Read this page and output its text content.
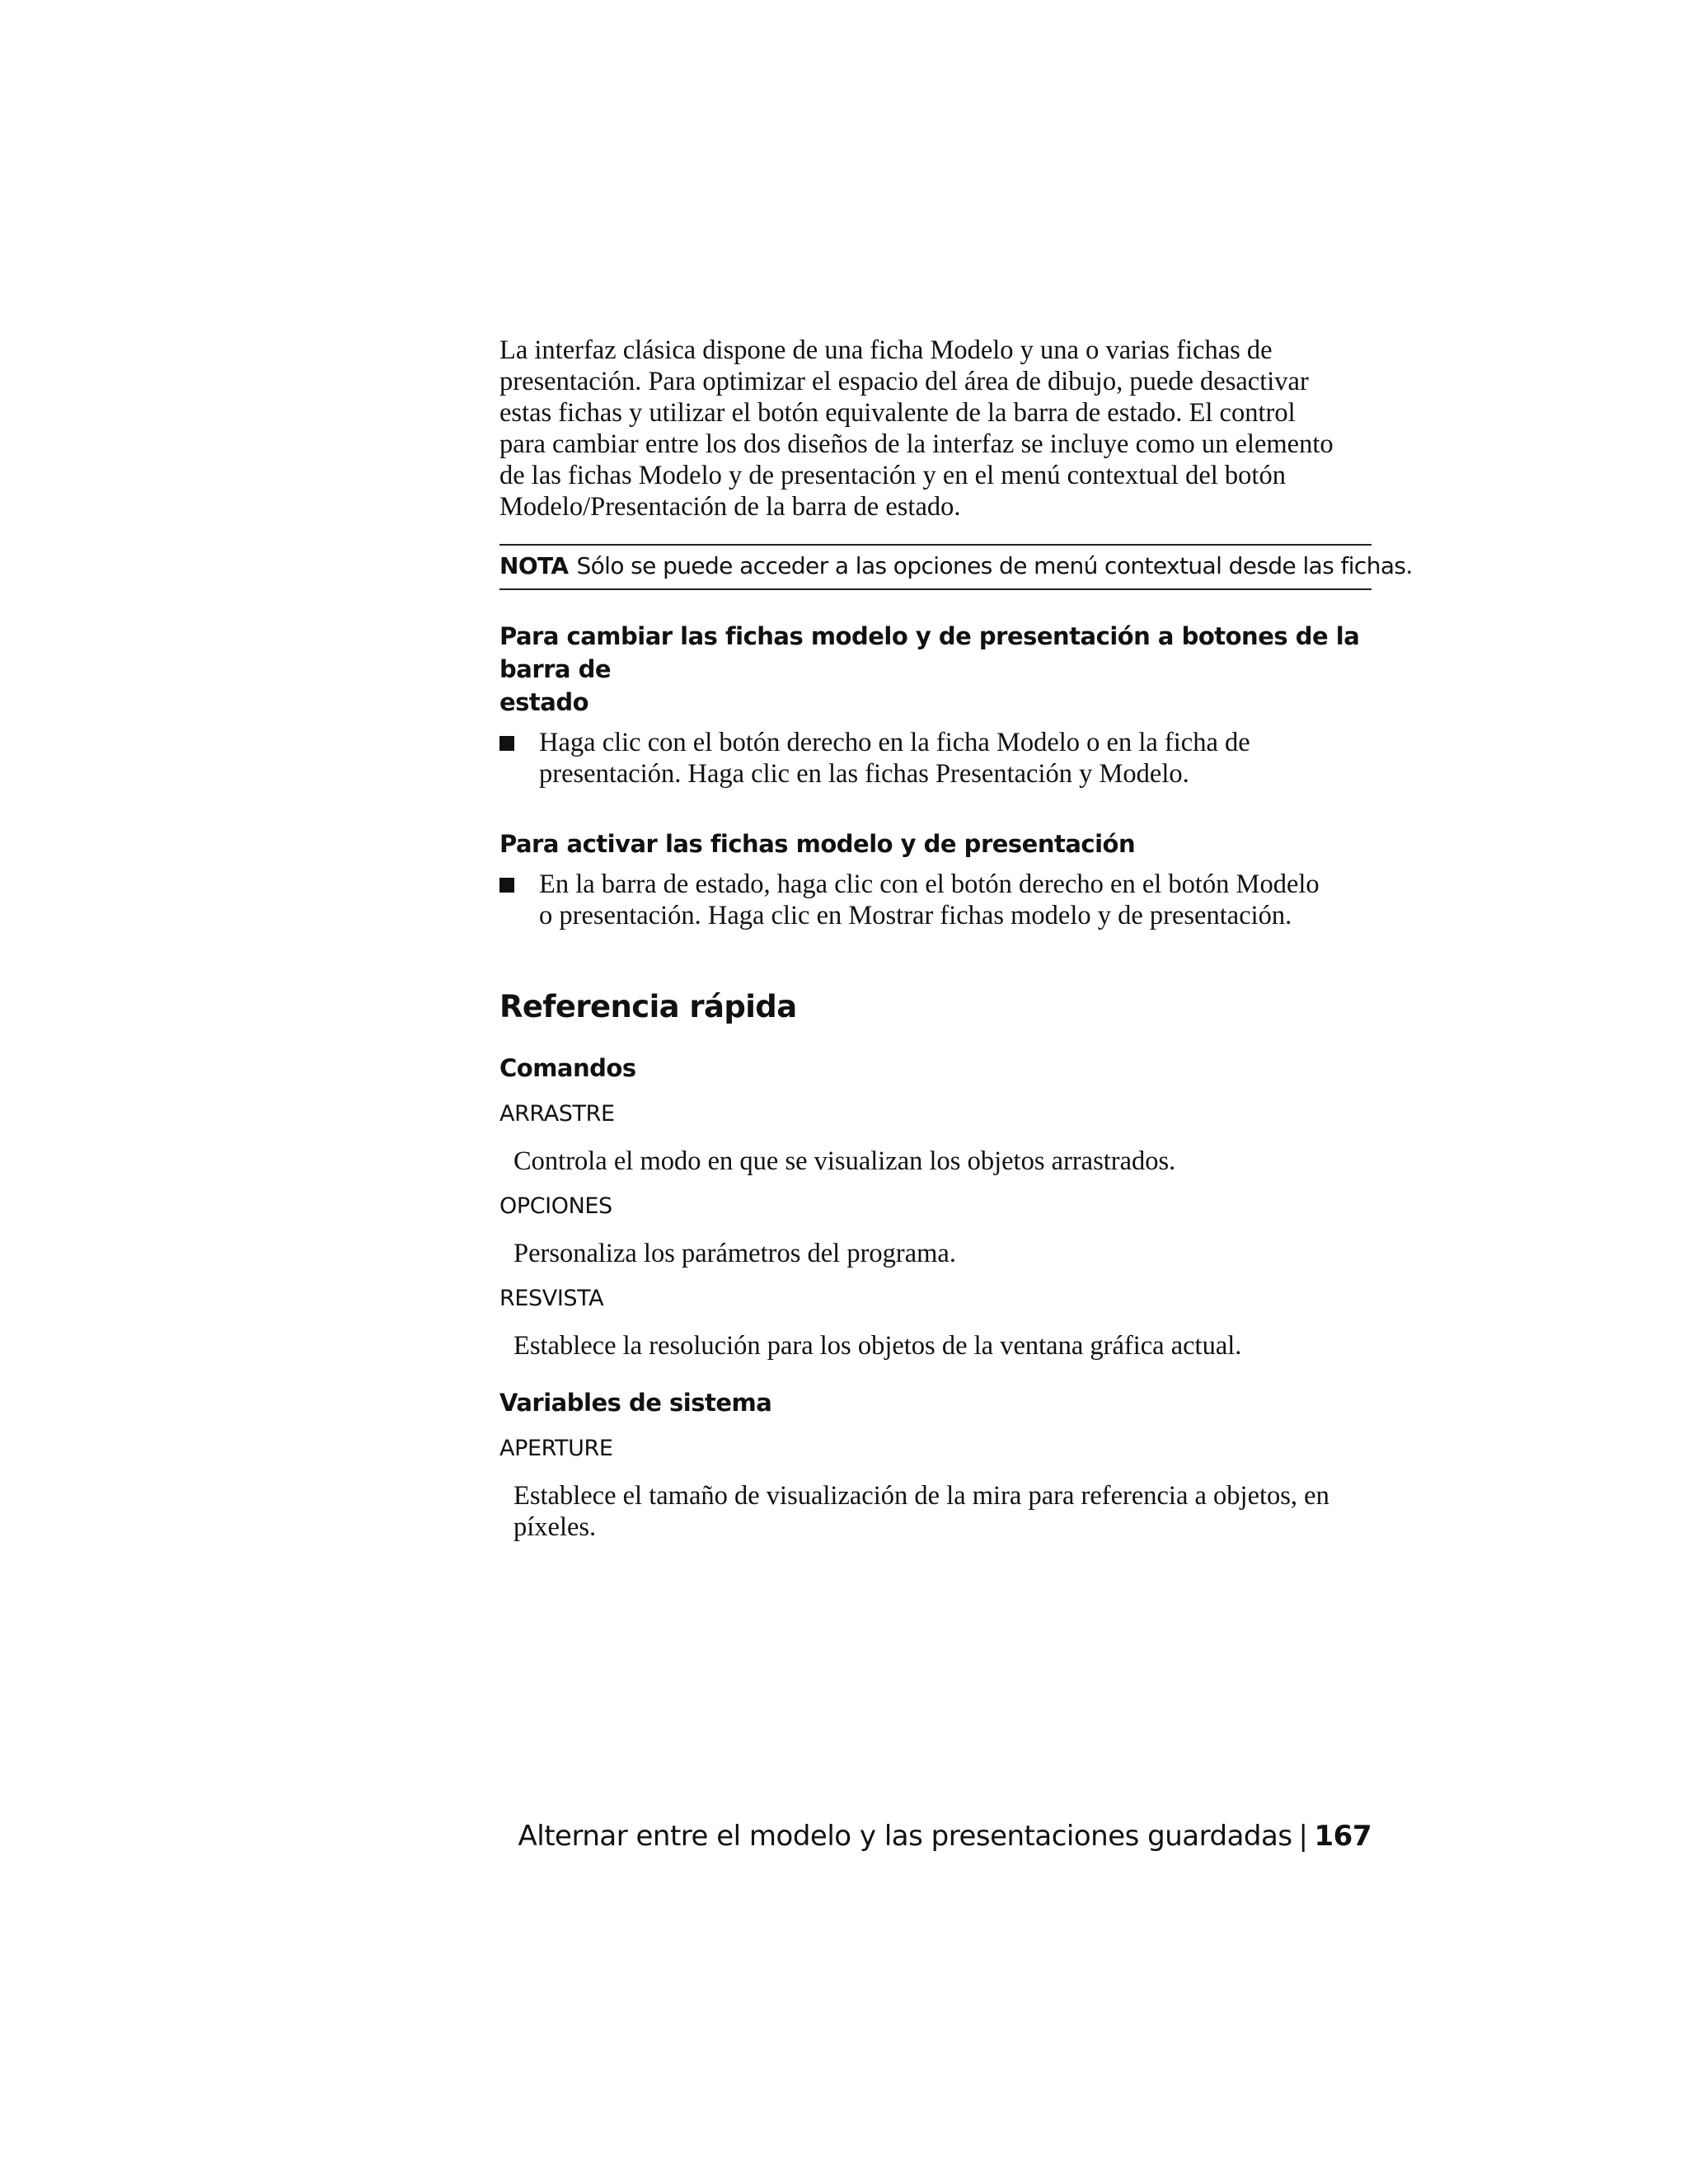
La interfaz clásica dispone de una ficha Modelo y una o varias fichas de
presentación. Para optimizar el espacio del área de dibujo, puede desactivar
estas fichas y utilizar el botón equivalente de la barra de estado. El control
para cambiar entre los dos diseños de la interfaz se incluye como un elemento
de las fichas Modelo y de presentación y en el menú contextual del botón
Modelo/Presentación de la barra de estado.

NOTA Sólo se puede acceder a las opciones de menú contextual desde las fichas.
Para cambiar las fichas modelo y de presentación a botones de la barra de
estado
Haga clic con el botón derecho en la ficha Modelo o en la ficha de
presentación. Haga clic en las fichas Presentación y Modelo.
Para activar las fichas modelo y de presentación
En la barra de estado, haga clic con el botón derecho en el botón Modelo
o presentación. Haga clic en Mostrar fichas modelo y de presentación.
Referencia rápida
Comandos
ARRASTRE

Controla el modo en que se visualizan los objetos arrastrados.

OPCIONES

Personaliza los parámetros del programa.

RESVISTA

Establece la resolución para los objetos de la ventana gráfica actual.

Variables de sistema
APERTURE

Establece el tamaño de visualización de la mira para referencia a objetos, en
píxeles.

Alternar entre el modelo y las presentaciones guardadas | 167
